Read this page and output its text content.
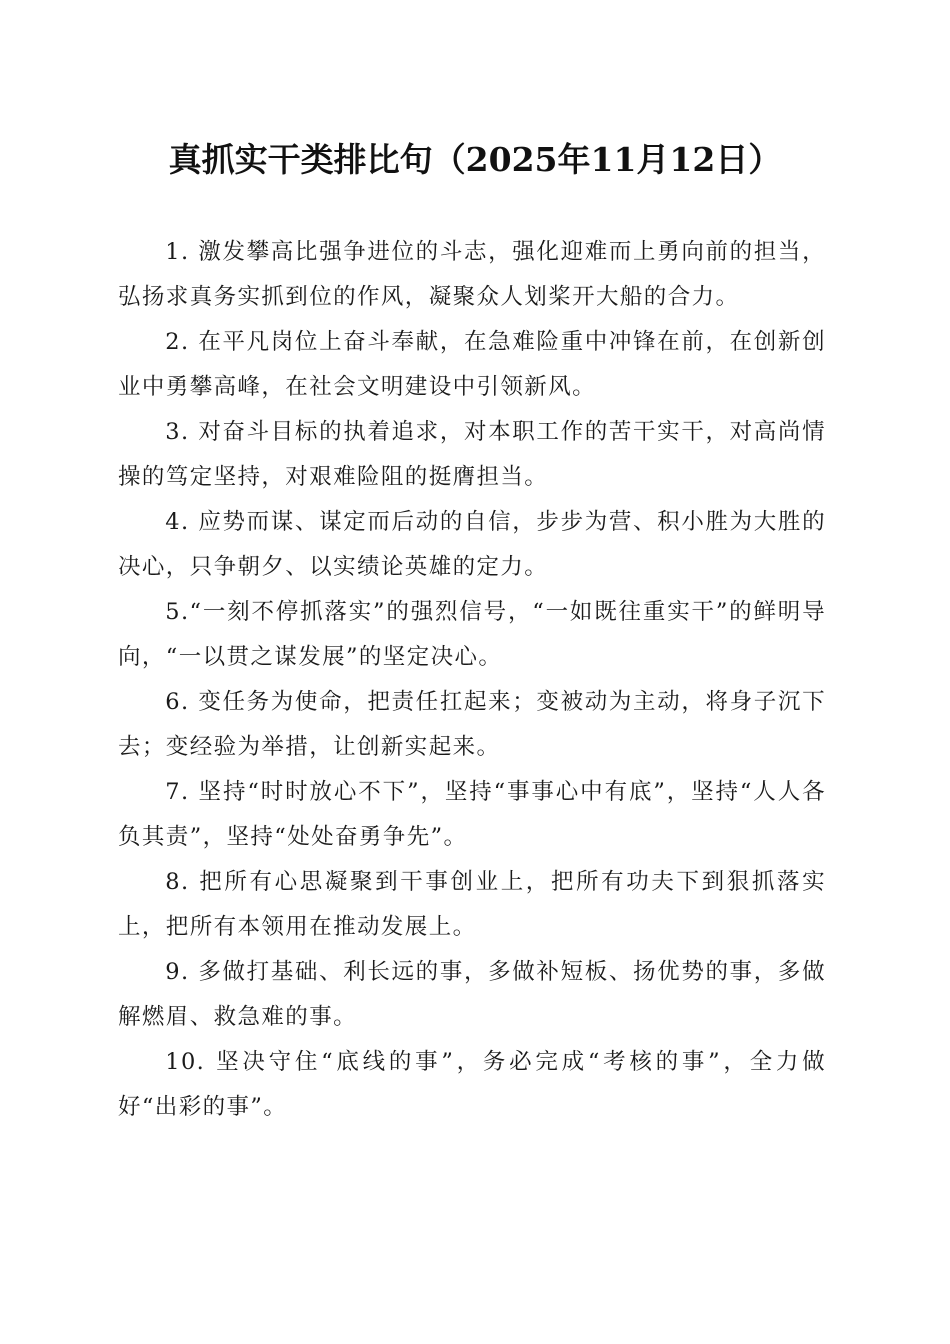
真抓实干类排比句（2025年11月12日）

1. 激发攀高比强争进位的斗志，强化迎难而上勇向前的担当，弘扬求真务实抓到位的作风，凝聚众人划桨开大船的合力。

2. 在平凡岗位上奋斗奉献，在急难险重中冲锋在前，在创新创业中勇攀高峰，在社会文明建设中引领新风。

3. 对奋斗目标的执着追求，对本职工作的苦干实干，对高尚情操的笃定坚持，对艰难险阻的挺膺担当。

4. 应势而谋、谋定而后动的自信，步步为营、积小胜为大胜的决心，只争朝夕、以实绩论英雄的定力。

5.“一刻不停抓落实”的强烈信号，“一如既往重实干”的鲜明导向，“一以贯之谋发展”的坚定决心。

6. 变任务为使命，把责任扛起来；变被动为主动，将身子沉下去；变经验为举措，让创新实起来。

7. 坚持“时时放心不下”，坚持“事事心中有底”，坚持“人人各负其责”，坚持“处处奋勇争先”。

8. 把所有心思凝聚到干事创业上，把所有功夫下到狠抓落实上，把所有本领用在推动发展上。

9. 多做打基础、利长远的事，多做补短板、扬优势的事，多做解燃眉、救急难的事。

10. 坚决守住“底线的事”，务必完成“考核的事”，全力做好“出彩的事”。
